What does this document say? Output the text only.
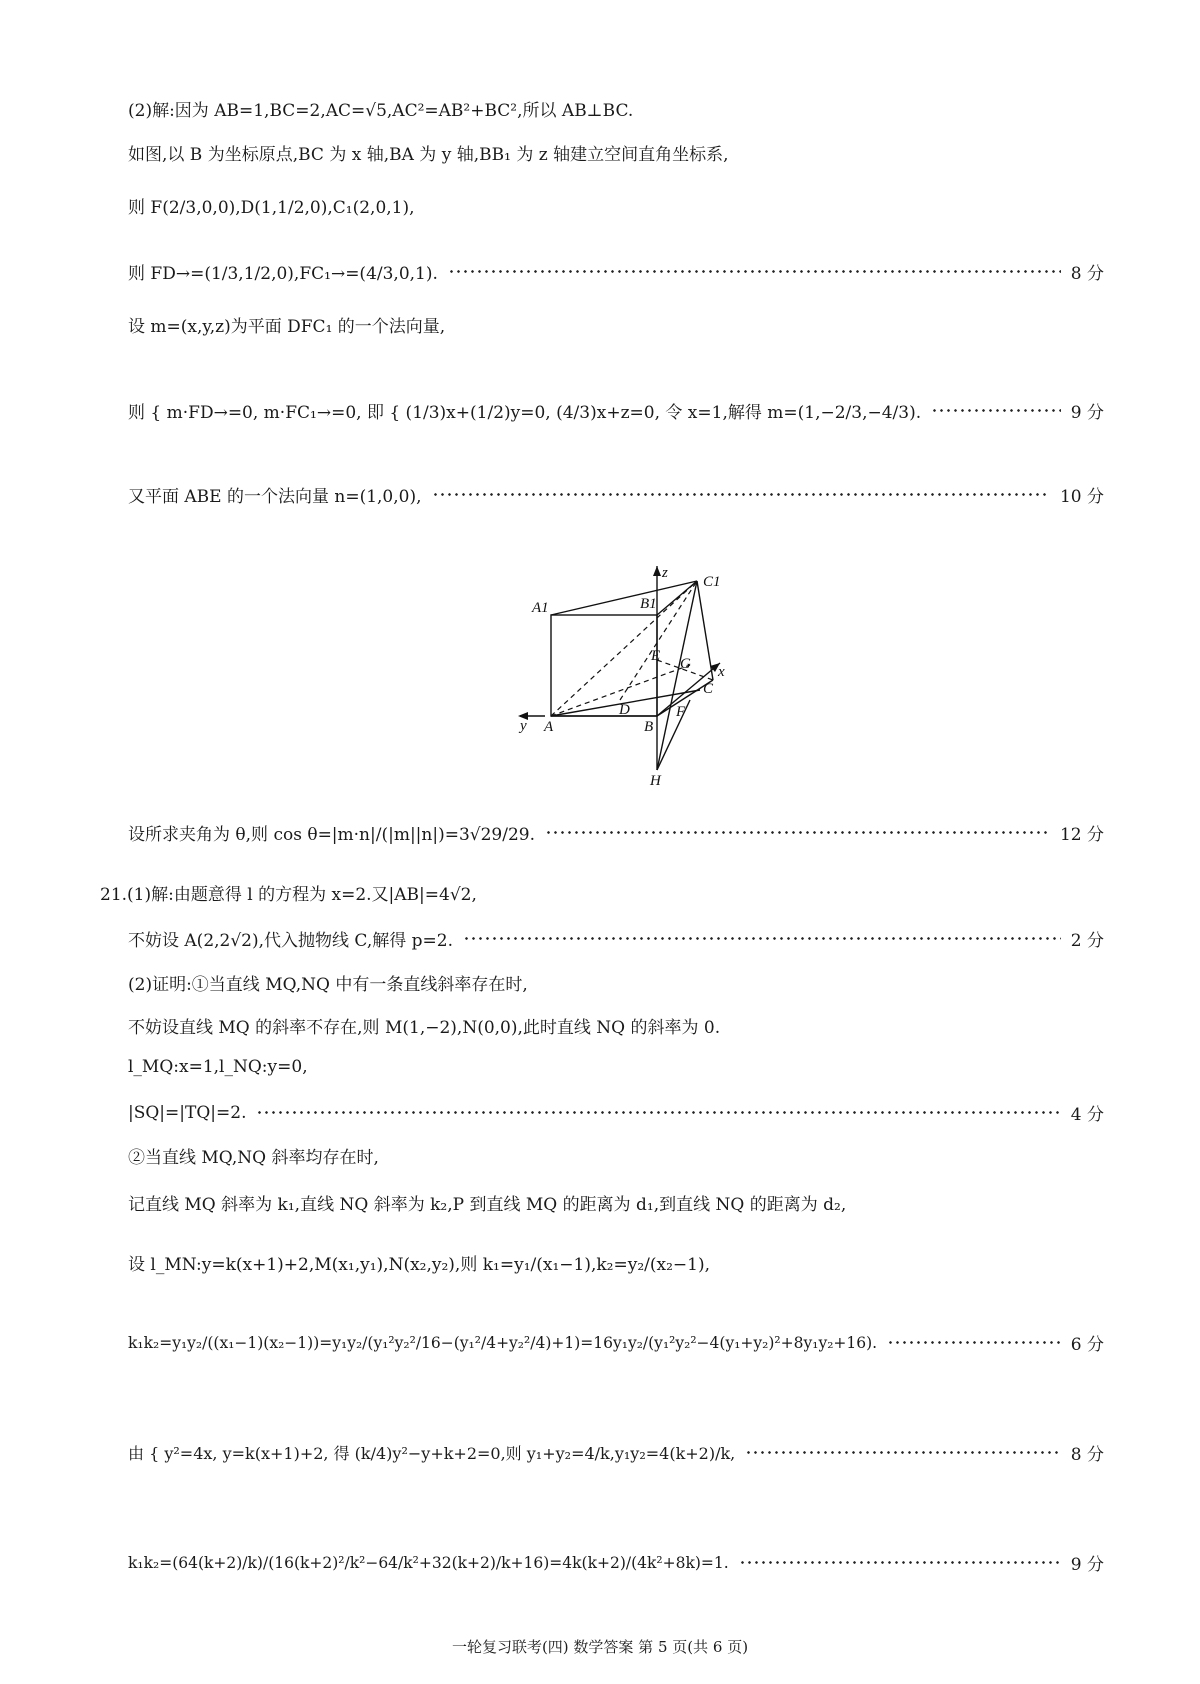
(2)解:因为 AB=1,BC=2,AC=√5,AC²=AB²+BC²,所以 AB⊥BC.
如图,以 B 为坐标原点,BC 为 x 轴,BA 为 y 轴,BB₁ 为 z 轴建立空间直角坐标系,
则 F(2/3,0,0),D(1,1/2,0),C₁(2,0,1),
则 FD→=(1/3,1/2,0),FC₁→=(4/3,0,1).	8 分
设 m=(x,y,z)为平面 DFC₁ 的一个法向量,
则 { m·FD→=0, m·FC₁→=0, 即 { (1/3)x+(1/2)y=0, (4/3)x+z=0, 令 x=1,解得 m=(1,−2/3,−4/3).	9 分
又平面 ABE 的一个法向量 n=(1,0,0),	10 分
z
C1
A1	B1
E G x
C
y A
D
B
F
H
设所求夹角为 θ,则 cos θ=|m·n|/(|m||n|)=3√29/29.	12 分
21.(1)解:由题意得 l 的方程为 x=2.又|AB|=4√2,
不妨设 A(2,2√2),代入抛物线 C,解得 p=2.	2 分
(2)证明:①当直线 MQ,NQ 中有一条直线斜率存在时,
不妨设直线 MQ 的斜率不存在,则 M(1,−2),N(0,0),此时直线 NQ 的斜率为 0.
l_MQ:x=1,l_NQ:y=0,
|SQ|=|TQ|=2.	4 分
②当直线 MQ,NQ 斜率均存在时,
记直线 MQ 斜率为 k₁,直线 NQ 斜率为 k₂,P 到直线 MQ 的距离为 d₁,到直线 NQ 的距离为 d₂,
设 l_MN:y=k(x+1)+2,M(x₁,y₁),N(x₂,y₂),则 k₁=y₁/(x₁−1),k₂=y₂/(x₂−1),
k₁k₂=y₁y₂/((x₁−1)(x₂−1))=y₁y₂/(y₁²y₂²/16−(y₁²/4+y₂²/4)+1)=16y₁y₂/(y₁²y₂²−4(y₁+y₂)²+8y₁y₂+16).	6 分
由 { y²=4x, y=k(x+1)+2, 得 (k/4)y²−y+k+2=0,则 y₁+y₂=4/k,y₁y₂=4(k+2)/k,	8 分
k₁k₂=(64(k+2)/k)/(16(k+2)²/k²−64/k²+32(k+2)/k+16)=4k(k+2)/(4k²+8k)=1.	9 分
一轮复习联考(四) 数学答案 第 5 页(共 6 页)
